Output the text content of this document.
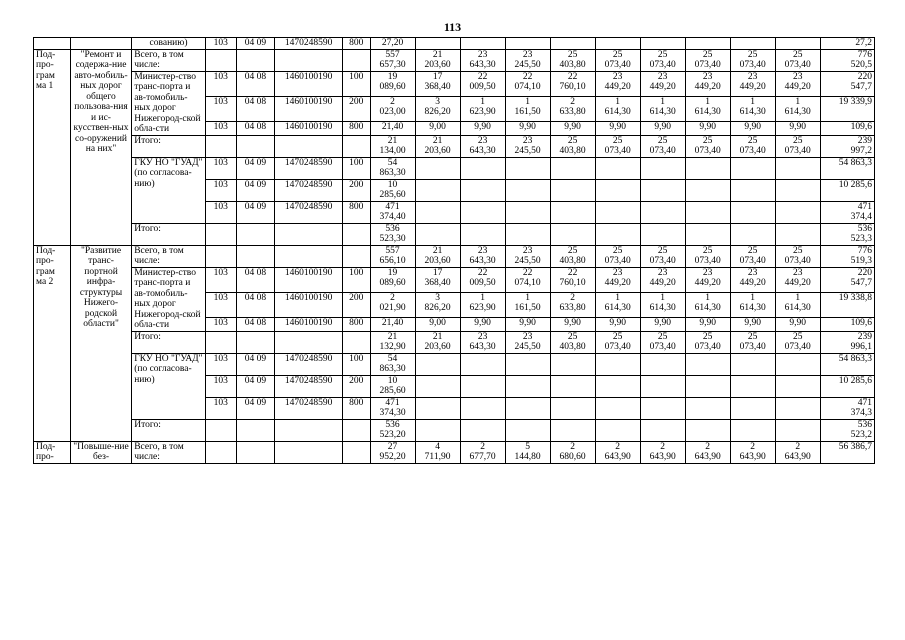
113
		сованию)	103	04 09	1470248590	800	27,20										27,2
Под-
про-
грам
ма 1	"Ремонт и содержа-ние авто-мобиль-ных дорог общего пользова-ния и ис-кусствен-ных со-оружений на них"	Всего, в том числе:					557
657,30	21
203,60	23
643,30	23
245,50	25
403,80	25
073,40	25
073,40	25
073,40	25
073,40	25
073,40	776
520,5
		Министер-ство транс-порта и ав-томобиль-ных дорог Нижегород-ской обла-сти	103	04 08	1460100190	100	19
089,60	17
368,40	22
009,50	22
074,10	22
760,10	23
449,20	23
449,20	23
449,20	23
449,20	23
449,20	220
547,7
			103	04 08	1460100190	200	2
023,00	3
826,20	1
623,90	1
161,50	2
633,80	1
614,30	1
614,30	1
614,30	1
614,30	1
614,30	19 339,9
			103	04 08	1460100190	800	21,40	9,00	9,90	9,90	9,90	9,90	9,90	9,90	9,90	9,90	109,6
		Итого:					21
134,00	21
203,60	23
643,30	23
245,50	25
403,80	25
073,40	25
073,40	25
073,40	25
073,40	25
073,40	239
997,2
		ГКУ НО "ГУАД" (по согласова-нию)	103	04 09	1470248590	100	54
863,30										54 863,3
			103	04 09	1470248590	200	10
285,60										10 285,6
			103	04 09	1470248590	800	471
374,40										471
374,4
		Итого:					536
523,30										536
523,3
Под-
про-
грам
ма 2	"Развитие транс-портной инфра-структуры Нижего-родской области"	Всего, в том числе:					557
656,10	21
203,60	23
643,30	23
245,50	25
403,80	25
073,40	25
073,40	25
073,40	25
073,40	25
073,40	776
519,3
		Министер-ство транс-порта и ав-томобиль-ных дорог Нижегород-ской обла-сти	103	04 08	1460100190	100	19
089,60	17
368,40	22
009,50	22
074,10	22
760,10	23
449,20	23
449,20	23
449,20	23
449,20	23
449,20	220
547,7
			103	04 08	1460100190	200	2
021,90	3
826,20	1
623,90	1
161,50	2
633,80	1
614,30	1
614,30	1
614,30	1
614,30	1
614,30	19 338,8
			103	04 08	1460100190	800	21,40	9,00	9,90	9,90	9,90	9,90	9,90	9,90	9,90	9,90	109,6
		Итого:					21
132,90	21
203,60	23
643,30	23
245,50	25
403,80	25
073,40	25
073,40	25
073,40	25
073,40	25
073,40	239
996,1
		ГКУ НО "ГУАД" (по согласова-нию)	103	04 09	1470248590	100	54
863,30										54 863,3
			103	04 09	1470248590	200	10
285,60										10 285,6
			103	04 09	1470248590	800	471
374,30										471
374,3
		Итого:					536
523,20										536
523,2
Под-
про-	"Повыше-ние без-	Всего, в том числе:					27
952,20	4
711,90	2
677,70	5
144,80	2
680,60	2
643,90	2
643,90	2
643,90	2
643,90	2
643,90	56 386,7
